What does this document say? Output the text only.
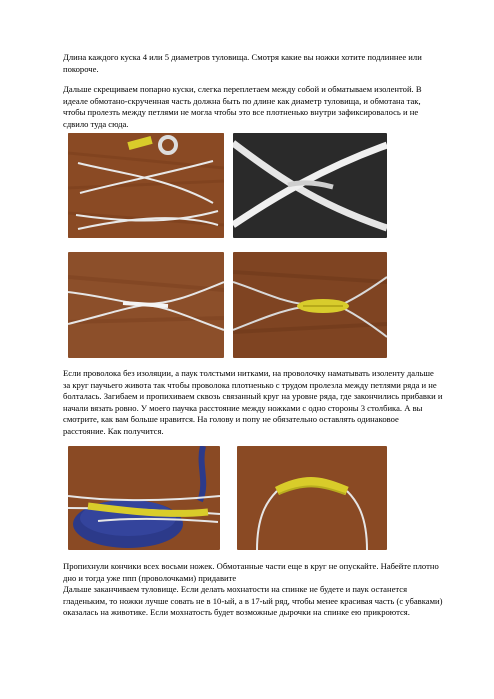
Длина каждого куска 4 или 5 диаметров туловища. Смотря какие вы ножки хотите подлиннее или покороче.
Дальше скрещиваем попарно куски, слегка переплетаем между собой и обматываем изолентой. В идеале обмотано-скрученная часть должна быть по длине как диаметр туловища, и обмотана так, чтобы пролезть между петлями не могла чтобы это все плотненько внутри зафиксировалось и не сдвило туда сюда.
Если проволока без изоляции, а паук толстыми нитками, на проволочку наматывать изоленту дальше за круг паучьего живота так чтобы проволока плотненько с трудом пролезла между петлями ряда и не болталась. Загибаем и пропихиваем сквозь связанный круг на уровне ряда, где закончились прибавки и начали вязать ровно. У моего паучка расстояние между ножками с одно стороны 3 столбика. А вы смотрите, как вам больше нравится. На голову и попу не обязательно оставлять одинаковое расстояние. Как получится.
Пропихнули кончики всех восьми ножек. Обмотанные части еще в круг не опускайте. Набейте плотно дно и тогда уже ппп (проволочками) придавите
Дальше заканчиваем туловище. Если делать мохнатости на спинке не будете и паук останется гладеньким, то ножки лучше совать не в 10-ый, а в 17-ый ряд, чтобы менее красивая часть (с убавками) оказалась на животике. Если мохнатость будет возможные дырочки на спинке ею прикроются.
